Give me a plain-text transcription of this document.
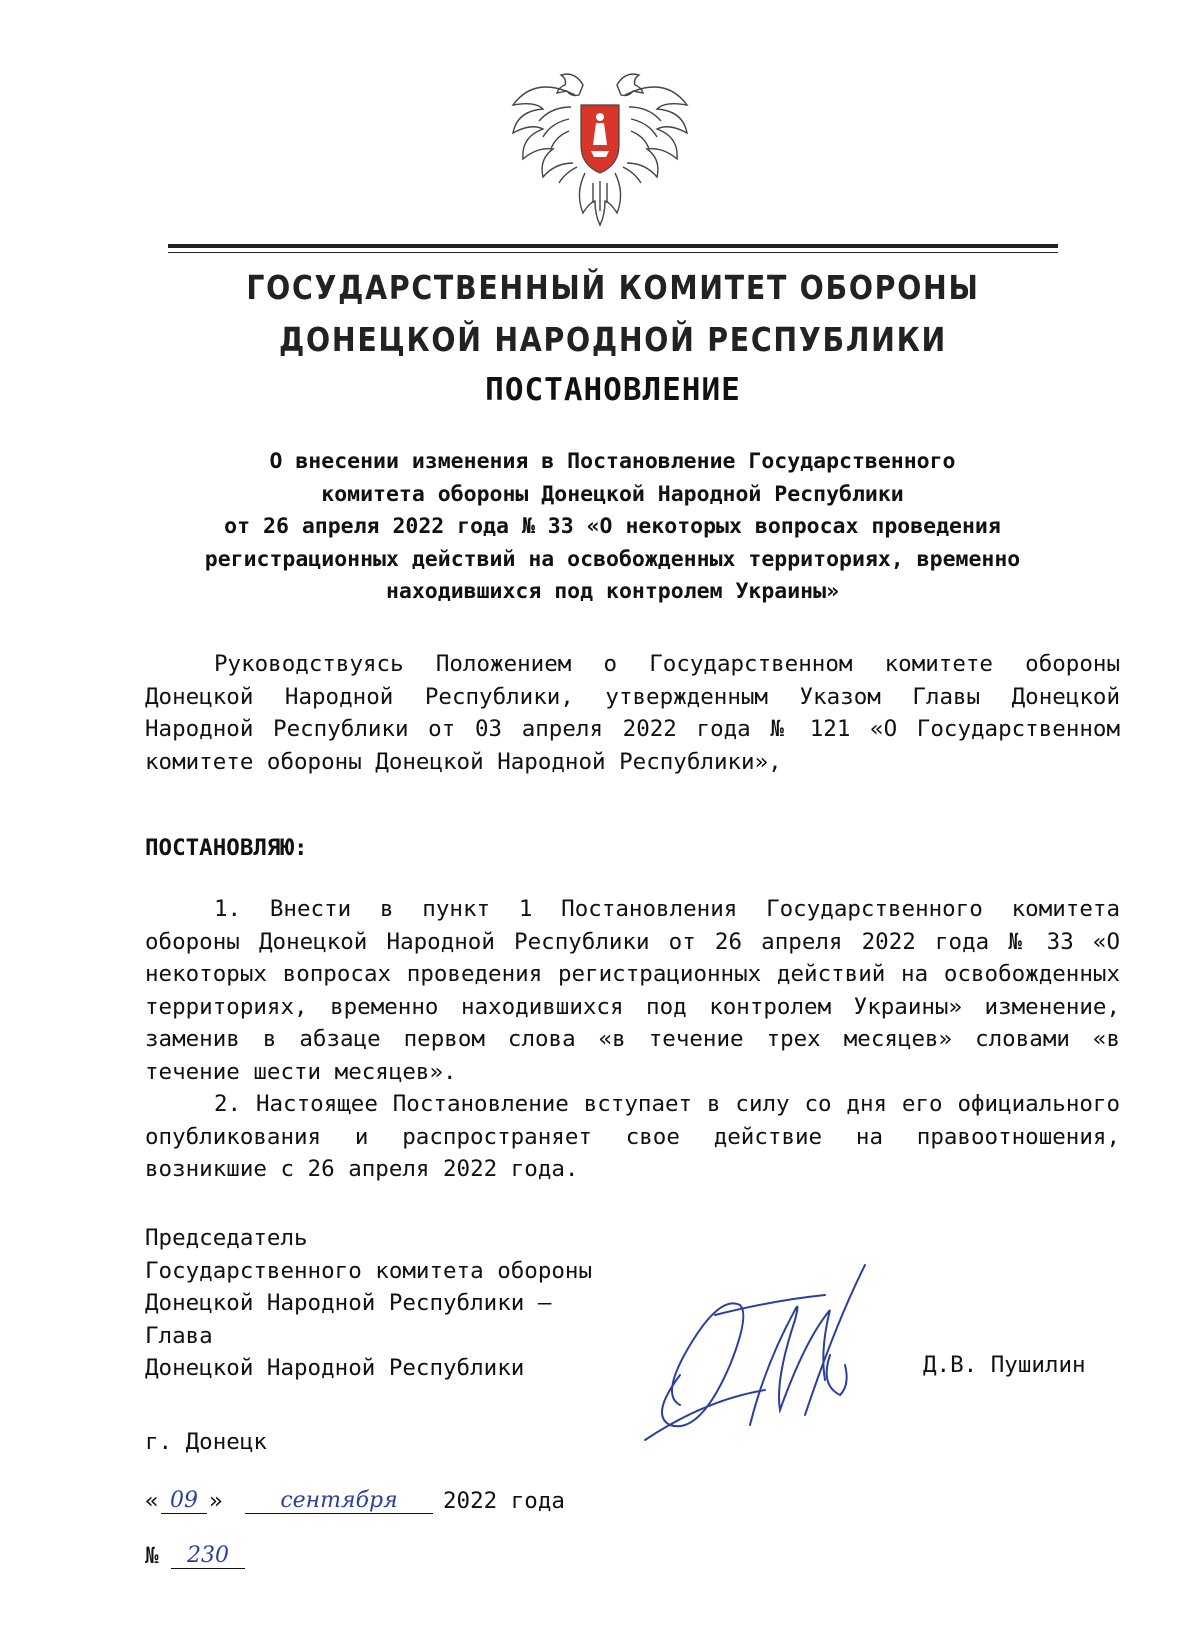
ГОСУДАРСТВЕННЫЙ КОМИТЕТ ОБОРОНЫ
ДОНЕЦКОЙ НАРОДНОЙ РЕСПУБЛИКИ
ПОСТАНОВЛЕНИЕ
О внесении изменения в Постановление Государственного
комитета обороны Донецкой Народной Республики
от 26 апреля 2022 года № 33 «О некоторых вопросах проведения
регистрационных действий на освобожденных территориях, временно
находившихся под контролем Украины»
Руководствуясь Положением о Государственном комитете обороны Донецкой Народной Республики, утвержденным Указом Главы Донецкой Народной Республики от 03 апреля 2022 года № 121 «О Государственном комитете обороны Донецкой Народной Республики»,
ПОСТАНОВЛЯЮ:
1. Внести в пункт 1 Постановления Государственного комитета обороны Донецкой Народной Республики от 26 апреля 2022 года № 33 «О некоторых вопросах проведения регистрационных действий на освобожденных территориях, временно находившихся под контролем Украины» изменение, заменив в абзаце первом слова «в течение трех месяцев» словами «в течение шести месяцев».
2. Настоящее Постановление вступает в силу со дня его официального опубликования и распространяет свое действие на правоотношения, возникшие с 26 апреля 2022 года.
Председатель
Государственного комитета обороны
Донецкой Народной Республики –
Глава
Донецкой Народной Республики	Д.В. Пушилин
г. Донецк
« 09 »	сентября	2022 года
№	230
